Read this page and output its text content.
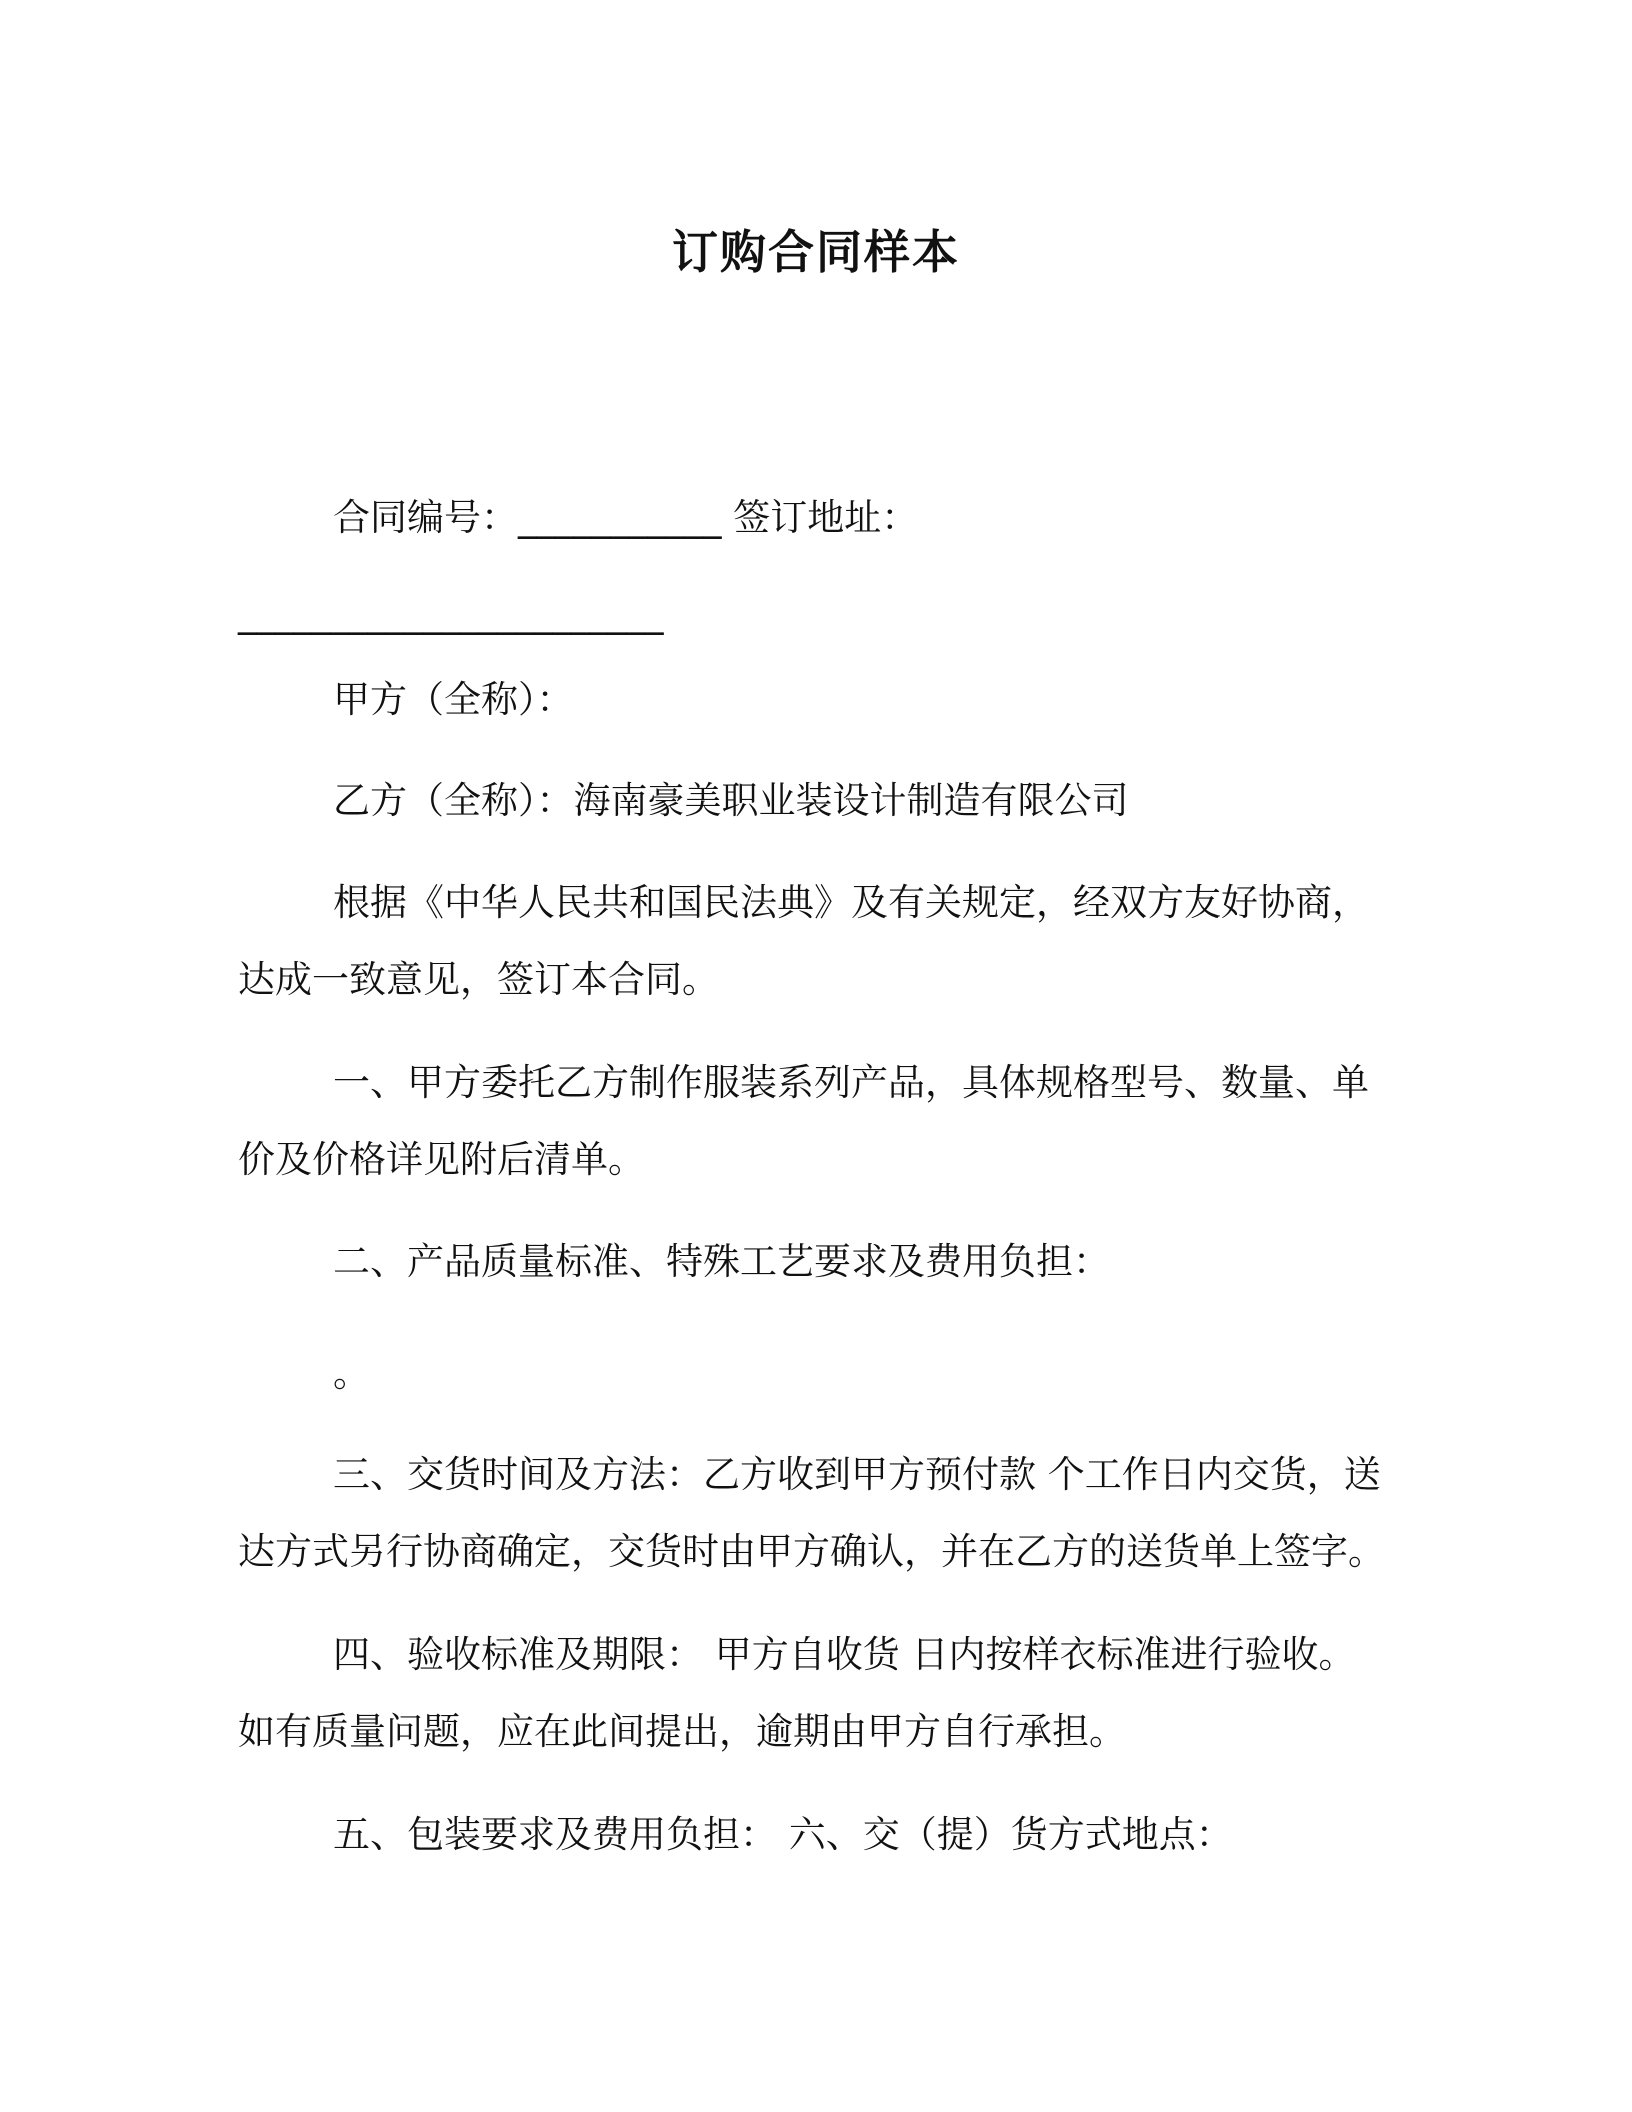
订购合同样本
合同编号：___________ 签订地址：
_______________________
甲方（全称）：
乙方（全称）：海南豪美职业装设计制造有限公司
根据《中华人民共和国民法典》及有关规定，经双方友好协商，
达成一致意见，签订本合同。
一、甲方委托乙方制作服装系列产品，具体规格型号、数量、单
价及价格详见附后清单。
二、产品质量标准、特殊工艺要求及费用负担：
。
三、交货时间及方法：乙方收到甲方预付款 个工作日内交货，送
达方式另行协商确定，交货时由甲方确认，并在乙方的送货单上签字。
四、验收标准及期限： 甲方自收货 日内按样衣标准进行验收。
如有质量问题，应在此间提出，逾期由甲方自行承担。
五、包装要求及费用负担： 六、交（提）货方式地点：
